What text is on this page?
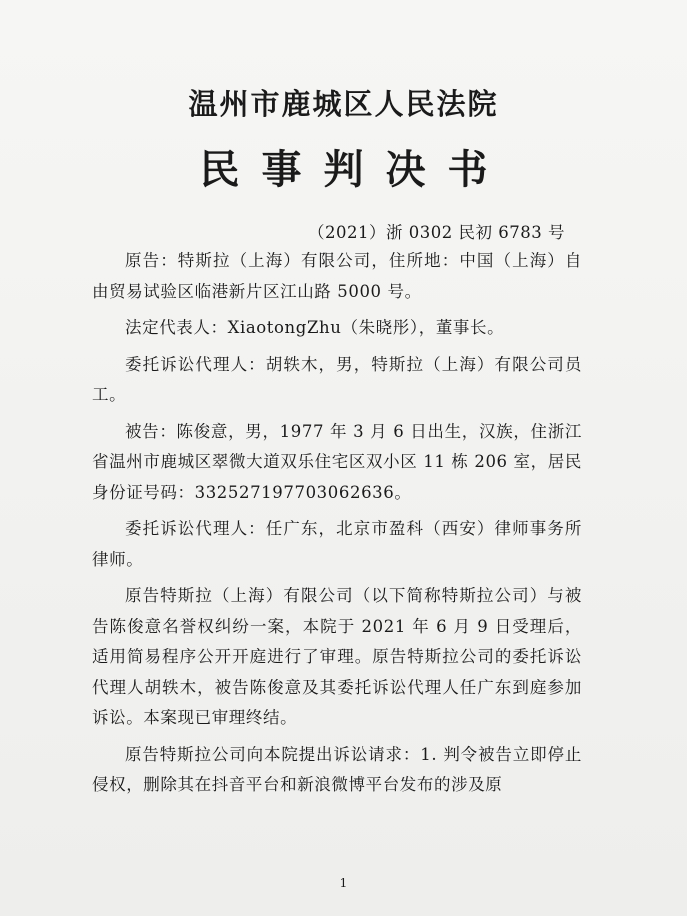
温州市鹿城区人民法院
民事判决书
（2021）浙 0302 民初 6783 号

原告：特斯拉（上海）有限公司，住所地：中国（上海）自由贸易试验区临港新片区江山路 5000 号。

法定代表人：XiaotongZhu（朱晓彤），董事长。

委托诉讼代理人：胡轶木，男，特斯拉（上海）有限公司员工。

被告：陈俊意，男，1977 年 3 月 6 日出生，汉族，住浙江省温州市鹿城区翠微大道双乐住宅区双小区 11 栋 206 室，居民身份证号码：332527197703062636。

委托诉讼代理人：任广东，北京市盈科（西安）律师事务所律师。

原告特斯拉（上海）有限公司（以下简称特斯拉公司）与被告陈俊意名誉权纠纷一案，本院于 2021 年 6 月 9 日受理后，适用简易程序公开开庭进行了审理。原告特斯拉公司的委托诉讼代理人胡轶木，被告陈俊意及其委托诉讼代理人任广东到庭参加诉讼。本案现已审理终结。

原告特斯拉公司向本院提出诉讼请求：1. 判令被告立即停止侵权，删除其在抖音平台和新浪微博平台发布的涉及原

1
